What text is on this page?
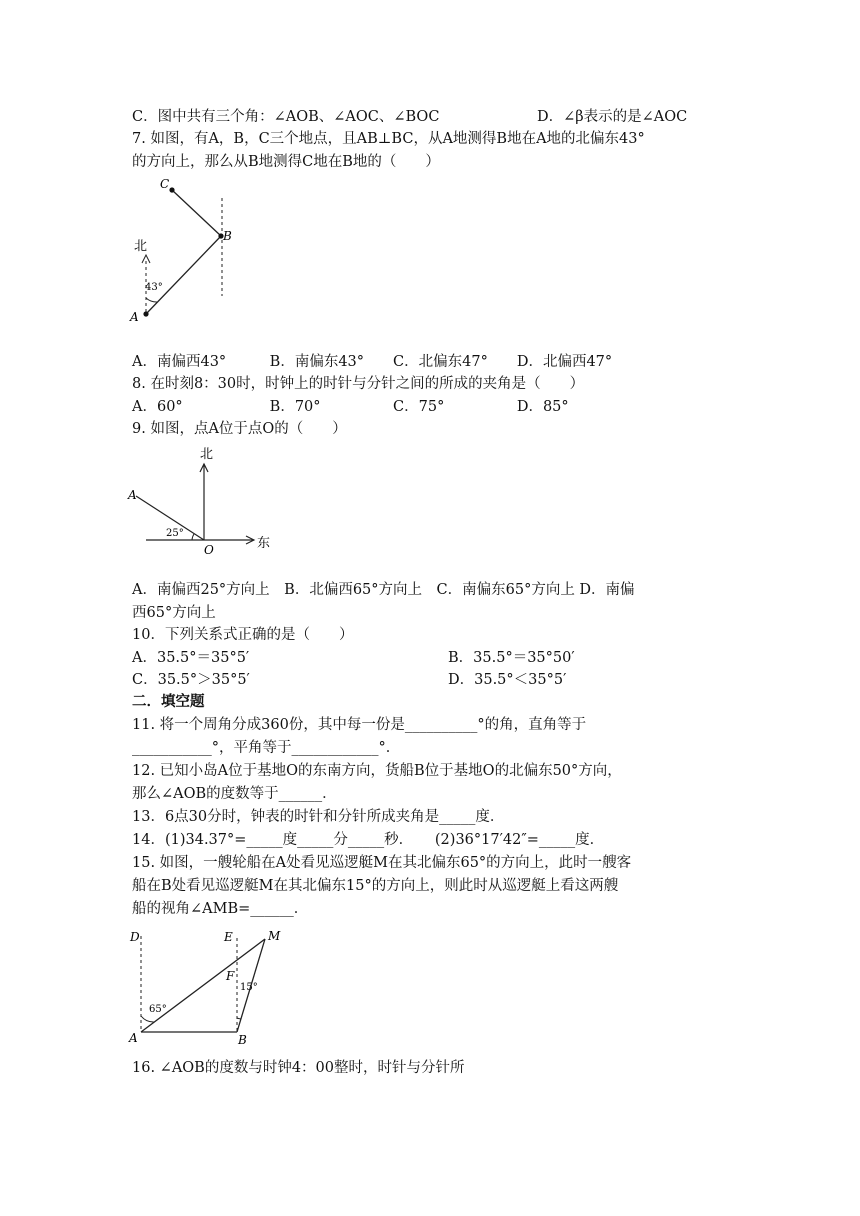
C．图中共有三个角：∠AOB、∠AOC、∠BOC	D．∠β表示的是∠AOC
7. 如图，有A，B，C三个地点，且AB⊥BC，从A地测得B地在A地的北偏东43°
的方向上，那么从B地测得C地在B地的（　　）
C
B
A
北
43°
A．南偏西43°　　　B．南偏东43°　　C．北偏东47°　　D．北偏西47°
8. 在时刻8：30时，时钟上的时针与分针之间的所成的夹角是（　　）
A．60°　　　　　　B．70°　　　　　C．75°　　　　　D．85°
9. 如图，点A位于点O的（　　）
北
东
A
O
25°
A．南偏西25°方向上　B．北偏西65°方向上　C．南偏东65°方向上 D．南偏
西65°方向上
10．下列关系式正确的是（　　）
A．35.5°＝35°5′	B．35.5°＝35°50′
C．35.5°＞35°5′	D．35.5°＜35°5′
二．填空题
11. 将一个周角分成360份，其中每一份是__________°的角，直角等于
___________°，平角等于____________°．
12. 已知小岛A位于基地O的东南方向，货船B位于基地O的北偏东50°方向，
那么∠AOB的度数等于______．
13．6点30分时，钟表的时针和分针所成夹角是_____度．
14．(1)34.37°=_____度_____分_____秒．　　(2)36°17′42″=_____度．
15. 如图，一艘轮船在A处看见巡逻艇M在其北偏东65°的方向上，此时一艘客
船在B处看见巡逻艇M在其北偏东15°的方向上，则此时从巡逻艇上看这两艘
船的视角∠AMB=______．
D	E	M
F
A	B
65°
15°
16. ∠AOB的度数与时钟4：00整时，时针与分针所
